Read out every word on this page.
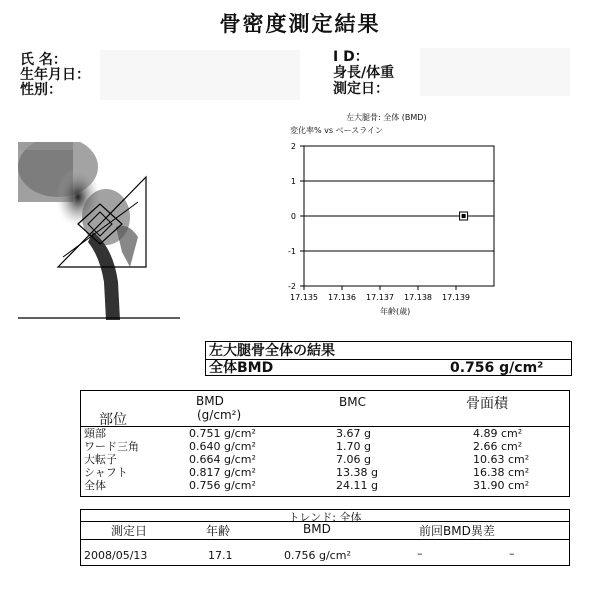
骨密度測定結果
氏 名：
生年月日：
性別：
I D：
身長/体重
測定日：
左大腿骨: 全体 (BMD)
変化率% vs ベースライン
2
1
0
-1
-2
17.135 17.136 17.137 17.138 17.139
年齢(歳)
左大腿骨全体の結果
全体BMD	0.756 g/cm²
BMD
(g/cm²)
部位
BMC	骨面積
頸部	0.751 g/cm²	3.67 g	4.89 cm²
ワード三角	0.640 g/cm²	1.70 g	2.66 cm²
大転子	0.664 g/cm²	7.06 g	10.63 cm²
シャフト	0.817 g/cm²	13.38 g	16.38 cm²
全体	0.756 g/cm²	24.11 g	31.90 cm²
トレンド: 全体
測定日	年齢	BMD	前回BMD異差
2008/05/13	17.1	0.756 g/cm²	–	–
